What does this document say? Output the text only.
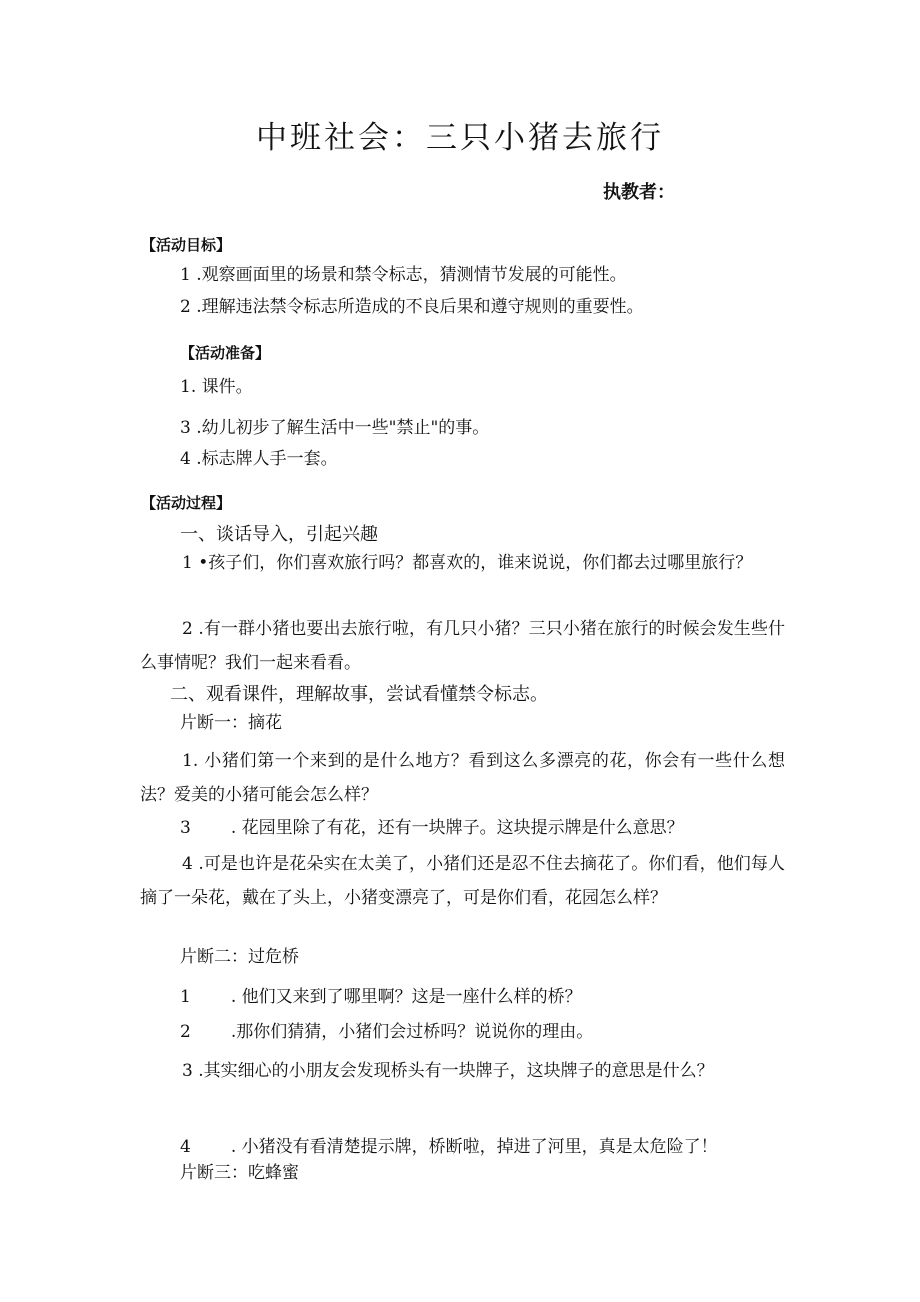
中班社会：三只小猪去旅行
执教者：
【活动目标】
1 .观察画面里的场景和禁令标志，猜测情节发展的可能性。
2 .理解违法禁令标志所造成的不良后果和遵守规则的重要性。
【活动准备】
1. 课件。
3 .幼儿初步了解生活中一些"禁止"的事。
4 .标志牌人手一套。
【活动过程】
一、谈话导入，引起兴趣

1 •孩子们，你们喜欢旅行吗？都喜欢的，谁来说说，你们都去过哪里旅行？

2 .有一群小猪也要出去旅行啦，有几只小猪？三只小猪在旅行的时候会发生些什么事情呢？我们一起来看看。

二、观看课件，理解故事，尝试看懂禁令标志。
片断一：摘花

1. 小猪们第一个来到的是什么地方？看到这么多漂亮的花，你会有一些什么想法？爱美的小猪可能会怎么样？

3 . 花园里除了有花，还有一块牌子。这块提示牌是什么意思？

4 .可是也许是花朵实在太美了，小猪们还是忍不住去摘花了。你们看，他们每人摘了一朵花，戴在了头上，小猪变漂亮了，可是你们看，花园怎么样？

片断二：过危桥
1 . 他们又来到了哪里啊？这是一座什么样的桥？
2 .那你们猜猜，小猪们会过桥吗？说说你的理由。

3 .其实细心的小朋友会发现桥头有一块牌子，这块牌子的意思是什么？

4 . 小猪没有看清楚提示牌，桥断啦，掉进了河里，真是太危险了！
片断三：吃蜂蜜
